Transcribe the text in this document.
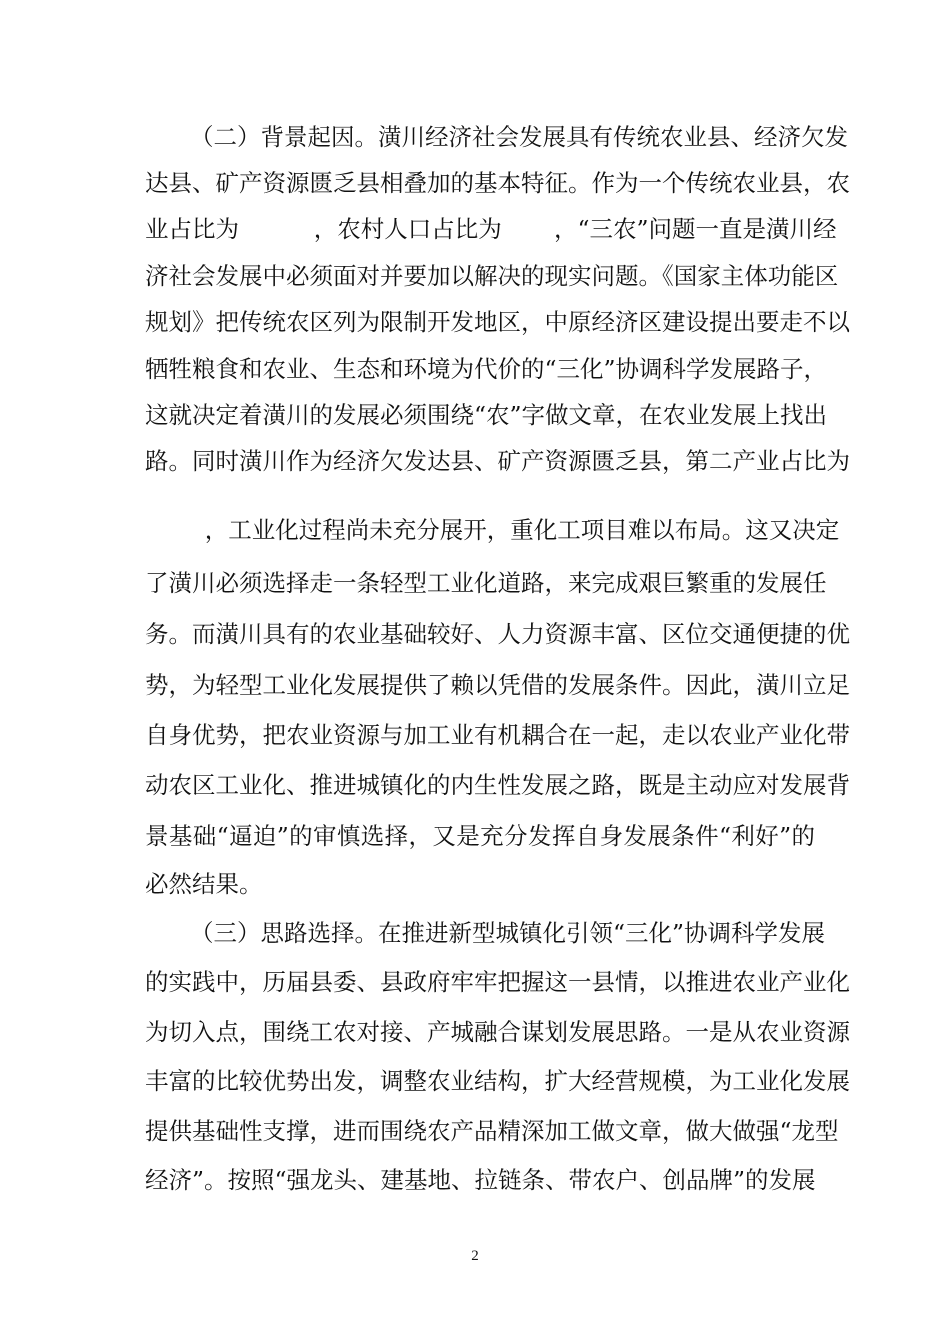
（二）背景起因。潢川经济社会发展具有传统农业县、经济欠发
达县、矿产资源匮乏县相叠加的基本特征。作为一个传统农业县，农
业占比为          ，农村人口占比为       ，“三农”问题一直是潢川经
济社会发展中必须面对并要加以解决的现实问题。《国家主体功能区
规划》把传统农区列为限制开发地区，中原经济区建设提出要走不以
牺牲粮食和农业、生态和环境为代价的“三化”协调科学发展路子，
这就决定着潢川的发展必须围绕“农”字做文章，在农业发展上找出
路。同时潢川作为经济欠发达县、矿产资源匮乏县，第二产业占比为
，工业化过程尚未充分展开，重化工项目难以布局。这又决定
了潢川必须选择走一条轻型工业化道路，来完成艰巨繁重的发展任
务。而潢川具有的农业基础较好、人力资源丰富、区位交通便捷的优
势，为轻型工业化发展提供了赖以凭借的发展条件。因此，潢川立足
自身优势，把农业资源与加工业有机耦合在一起，走以农业产业化带
动农区工业化、推进城镇化的内生性发展之路，既是主动应对发展背
景基础“逼迫”的审慎选择，又是充分发挥自身发展条件“利好”的
必然结果。
（三）思路选择。在推进新型城镇化引领“三化”协调科学发展
的实践中，历届县委、县政府牢牢把握这一县情，以推进农业产业化
为切入点，围绕工农对接、产城融合谋划发展思路。一是从农业资源
丰富的比较优势出发，调整农业结构，扩大经营规模，为工业化发展
提供基础性支撑，进而围绕农产品精深加工做文章，做大做强“龙型
经济”。按照“强龙头、建基地、拉链条、带农户、创品牌”的发展
2
